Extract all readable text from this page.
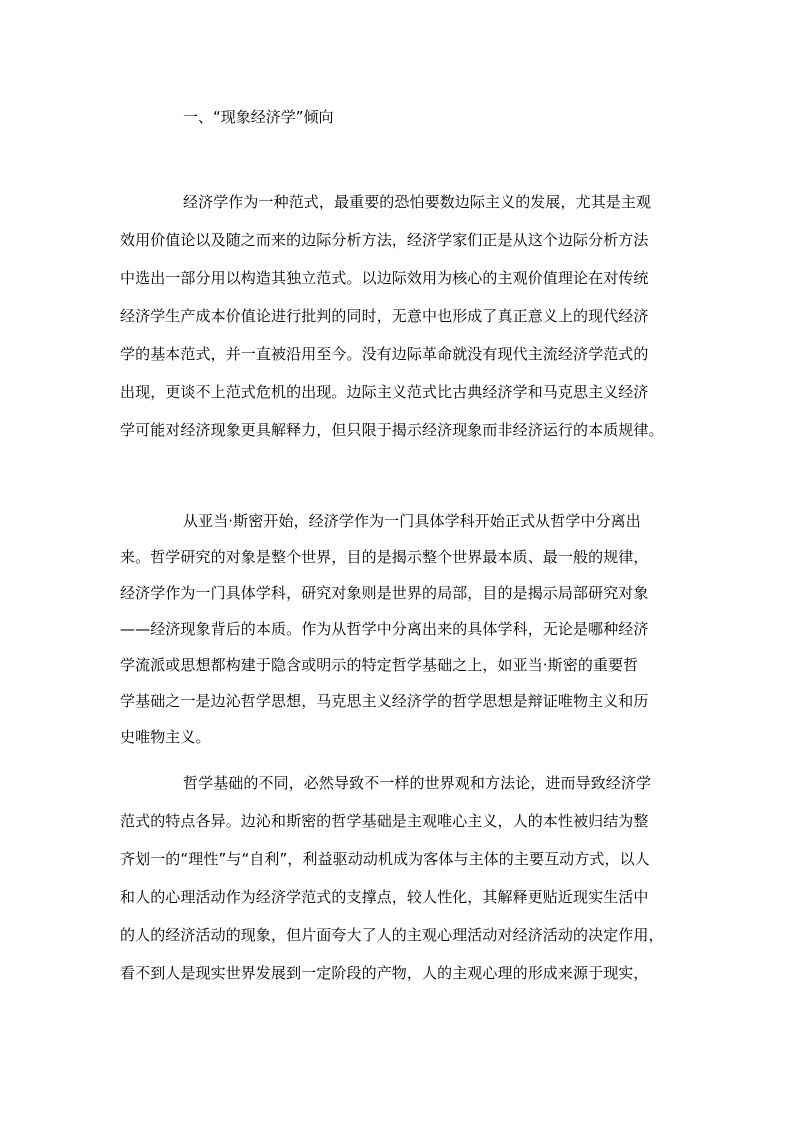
一、“现象经济学”倾向
经济学作为一种范式，最重要的恐怕要数边际主义的发展，尤其是主观
效用价值论以及随之而来的边际分析方法，经济学家们正是从这个边际分析方法
中选出一部分用以构造其独立范式。以边际效用为核心的主观价值理论在对传统
经济学生产成本价值论进行批判的同时，无意中也形成了真正意义上的现代经济
学的基本范式，并一直被沿用至今。没有边际革命就没有现代主流经济学范式的
出现，更谈不上范式危机的出现。边际主义范式比古典经济学和马克思主义经济
学可能对经济现象更具解释力，但只限于揭示经济现象而非经济运行的本质规律。
从亚当·斯密开始，经济学作为一门具体学科开始正式从哲学中分离出
来。哲学研究的对象是整个世界，目的是揭示整个世界最本质、最一般的规律，
经济学作为一门具体学科，研究对象则是世界的局部，目的是揭示局部研究对象
——经济现象背后的本质。作为从哲学中分离出来的具体学科，无论是哪种经济
学流派或思想都构建于隐含或明示的特定哲学基础之上，如亚当·斯密的重要哲
学基础之一是边沁哲学思想，马克思主义经济学的哲学思想是辩证唯物主义和历
史唯物主义。
哲学基础的不同，必然导致不一样的世界观和方法论，进而导致经济学
范式的特点各异。边沁和斯密的哲学基础是主观唯心主义，人的本性被归结为整
齐划一的“理性”与“自利”，利益驱动动机成为客体与主体的主要互动方式，以人
和人的心理活动作为经济学范式的支撑点，较人性化，其解释更贴近现实生活中
的人的经济活动的现象，但片面夸大了人的主观心理活动对经济活动的决定作用，
看不到人是现实世界发展到一定阶段的产物，人的主观心理的形成来源于现实，
